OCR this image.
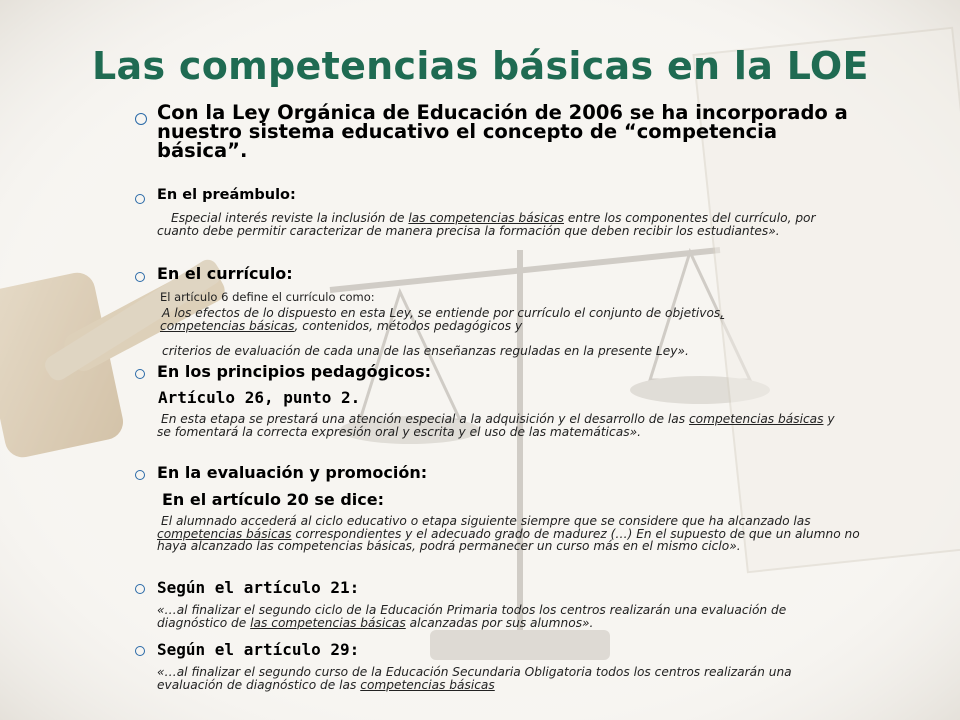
Las competencias básicas en la LOE
Con la Ley Orgánica de Educación de 2006 se ha incorporado a nuestro sistema educativo el concepto de “competencia básica”.
En el preámbulo:
Especial interés reviste la inclusión de las competencias básicas entre los componentes del currículo, por cuanto debe permitir caracterizar de manera precisa la formación que deben recibir los estudiantes».
En el currículo:
El artículo 6 define el currículo como:
A los efectos de lo dispuesto en esta Ley, se entiende por currículo el conjunto de objetivos,
competencias básicas, contenidos, métodos pedagógicos y
criterios de evaluación de cada una de las enseñanzas reguladas en la presente Ley».
En los principios pedagógicos:
Artículo 26, punto 2.
En esta etapa se prestará una atención especial a la adquisición y el desarrollo de las competencias básicas y se fomentará la correcta expresión oral y escrita y el uso de las matemáticas».
En la evaluación y promoción:
En el artículo 20 se dice:
El alumnado accederá al ciclo educativo o etapa siguiente siempre que se considere que ha alcanzado las competencias básicas correspondientes y el adecuado grado de madurez (…) En el supuesto de que un alumno no haya alcanzado las competencias básicas, podrá permanecer un curso más en el mismo ciclo».
Según el artículo 21:
«…al finalizar el segundo ciclo de la Educación Primaria todos los centros realizarán una evaluación de diagnóstico de las competencias básicas alcanzadas por sus alumnos».
Según el artículo 29:
«…al finalizar el segundo curso de la Educación Secundaria Obligatoria todos los centros realizarán una evaluación de diagnóstico de las competencias básicas
